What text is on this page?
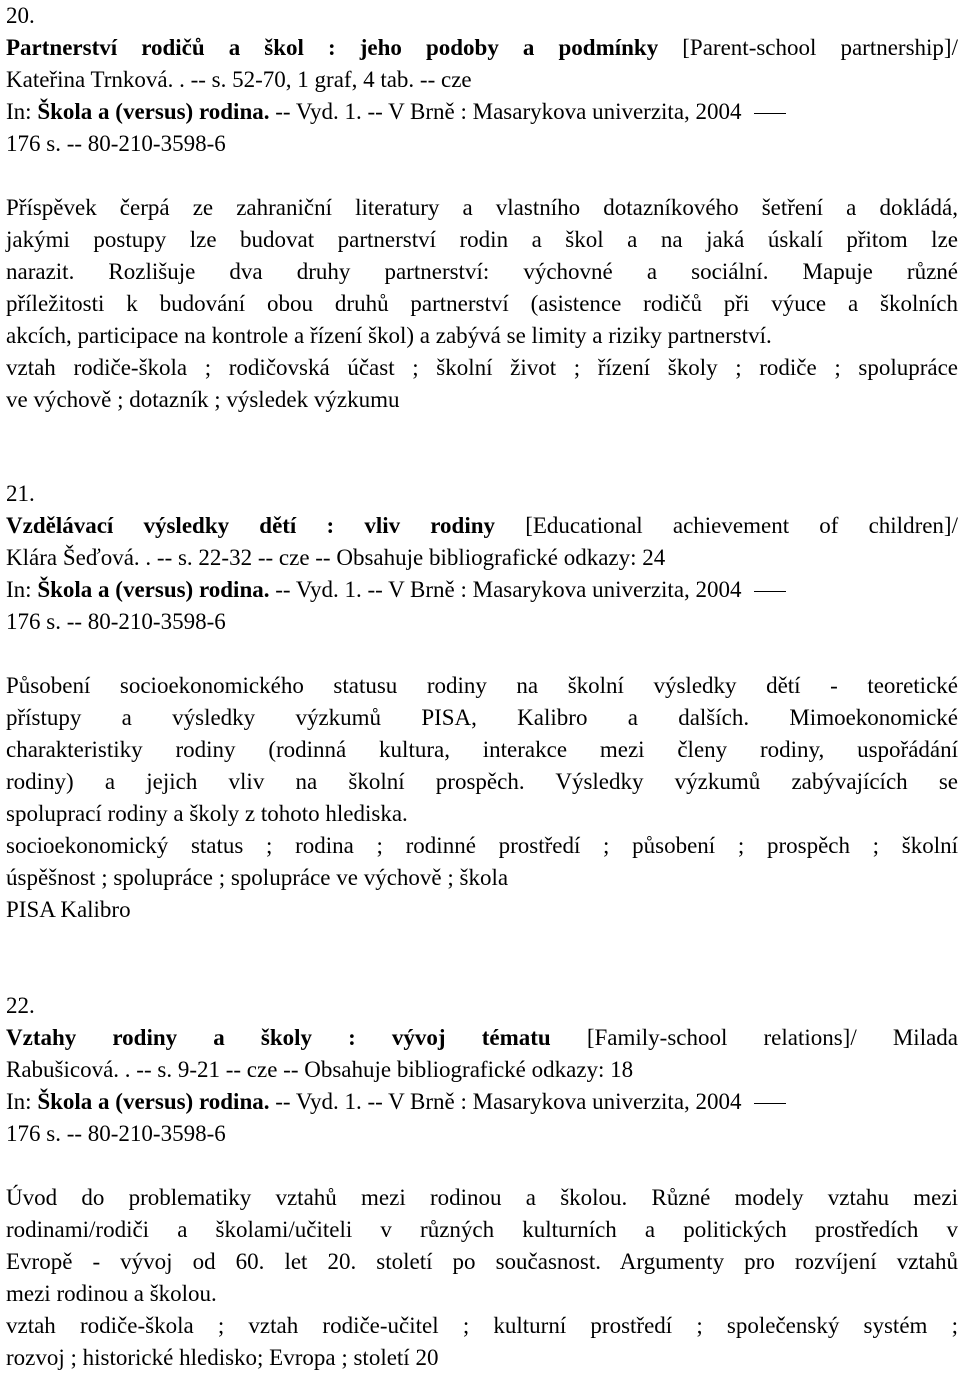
20.
Partnerství rodičů a škol : jeho podoby a podmínky [Parent-school partnership]/
Kateřina Trnková. . -- s. 52-70, 1 graf, 4 tab. -- cze
In: Škola a (versus) rodina. -- Vyd. 1. -- V Brně : Masarykova univerzita, 2004
176 s. -- 80-210-3598-6
Příspěvek čerpá ze zahraniční literatury a vlastního dotazníkového šetření a dokládá,
jakými postupy lze budovat partnerství rodin a škol a na jaká úskalí přitom lze
narazit. Rozlišuje dva druhy partnerství: výchovné a sociální. Mapuje různé
příležitosti k budování obou druhů partnerství (asistence rodičů při výuce a školních
akcích, participace na kontrole a řízení škol) a zabývá se limity a riziky partnerství.
vztah rodiče-škola ; rodičovská účast ; školní život ; řízení školy ; rodiče ; spolupráce
ve výchově ; dotazník ; výsledek výzkumu
21.
Vzdělávací výsledky dětí : vliv rodiny [Educational achievement of children]/
Klára Šeďová. . -- s. 22-32 -- cze -- Obsahuje bibliografické odkazy: 24
In: Škola a (versus) rodina. -- Vyd. 1. -- V Brně : Masarykova univerzita, 2004
176 s. -- 80-210-3598-6
Působení socioekonomického statusu rodiny na školní výsledky dětí - teoretické
přístupy a výsledky výzkumů PISA, Kalibro a dalších. Mimoekonomické
charakteristiky rodiny (rodinná kultura, interakce mezi členy rodiny, uspořádání
rodiny) a jejich vliv na školní prospěch. Výsledky výzkumů zabývajících se
spoluprací rodiny a školy z tohoto hlediska.
socioekonomický status ; rodina ; rodinné prostředí ; působení ; prospěch ; školní
úspěšnost ; spolupráce ; spolupráce ve výchově ; škola
PISA Kalibro
22.
Vztahy rodiny a školy : vývoj tématu [Family-school relations]/ Milada
Rabušicová. . -- s. 9-21 -- cze -- Obsahuje bibliografické odkazy: 18
In: Škola a (versus) rodina. -- Vyd. 1. -- V Brně : Masarykova univerzita, 2004
176 s. -- 80-210-3598-6
Úvod do problematiky vztahů mezi rodinou a školou. Různé modely vztahu mezi
rodinami/rodiči a školami/učiteli v různých kulturních a politických prostředích v
Evropě - vývoj od 60. let 20. století po současnost. Argumenty pro rozvíjení vztahů
mezi rodinou a školou.
vztah rodiče-škola ; vztah rodiče-učitel ; kulturní prostředí ; společenský systém ;
rozvoj ; historické hledisko; Evropa ; století 20
